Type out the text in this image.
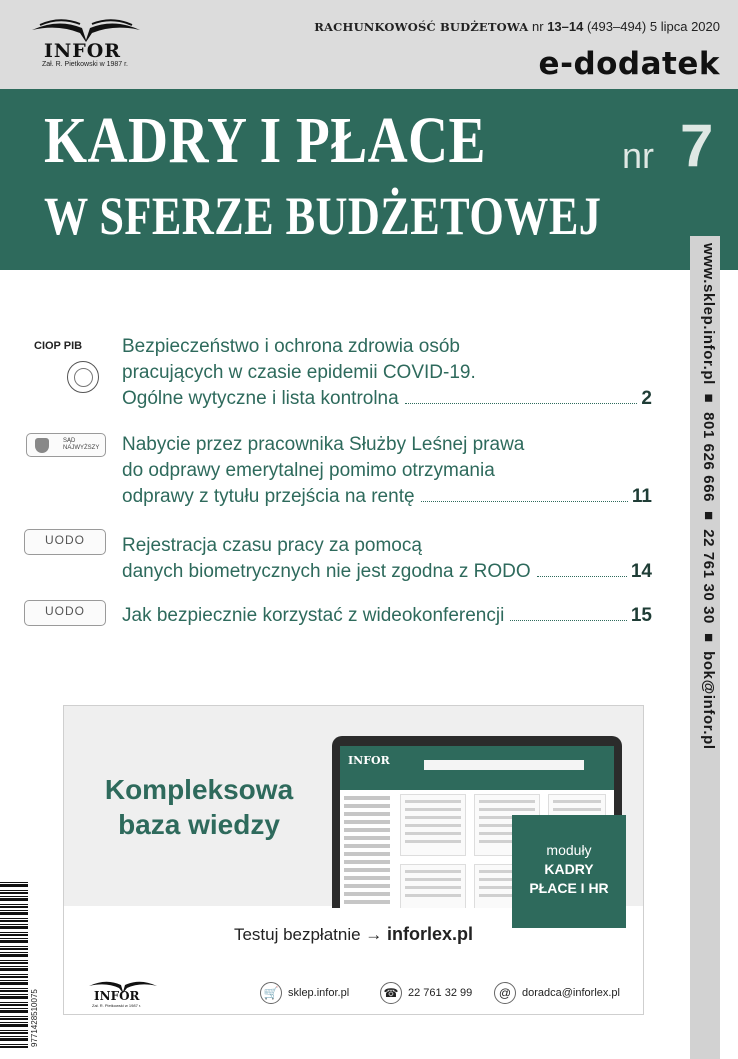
INFOR
Zał. R. Pietkowski w 1987 r.
RACHUNKOWOŚĆ BUDŻETOWA nr 13–14 (493–494) 5 lipca 2020
e-dodatek
KADRY I PŁACE
W SFERZE BUDŻETOWEJ
nr 7
www.sklep.infor.pl ■ 801 626 666 ■ 22 761 30 30 ■ bok@infor.pl
CIOP PIB
SĄD NAJWYŻSZY
UODO
UODO
Bezpieczeństwo i ochrona zdrowia osób
pracujących w czasie epidemii COVID-19.
Ogólne wytyczne i lista kontrolna	2
Nabycie przez pracownika Służby Leśnej prawa
do odprawy emerytalnej pomimo otrzymania
odprawy z tytułu przejścia na rentę	11
Rejestracja czasu pracy za pomocą
danych biometrycznych nie jest zgodna z RODO	14
Jak bezpiecznie korzystać z wideokonferencji	15
Kompleksowa
baza wiedzy
INFOR
moduły
KADRY
PŁACE I HR
Testuj bezpłatnie → inforlex.pl
INFOR
Zał. R. Pietkowski w 1987 r.
🛒 sklep.infor.pl	☎ 22 761 32 99	@ doradca@inforlex.pl
9771428510075
